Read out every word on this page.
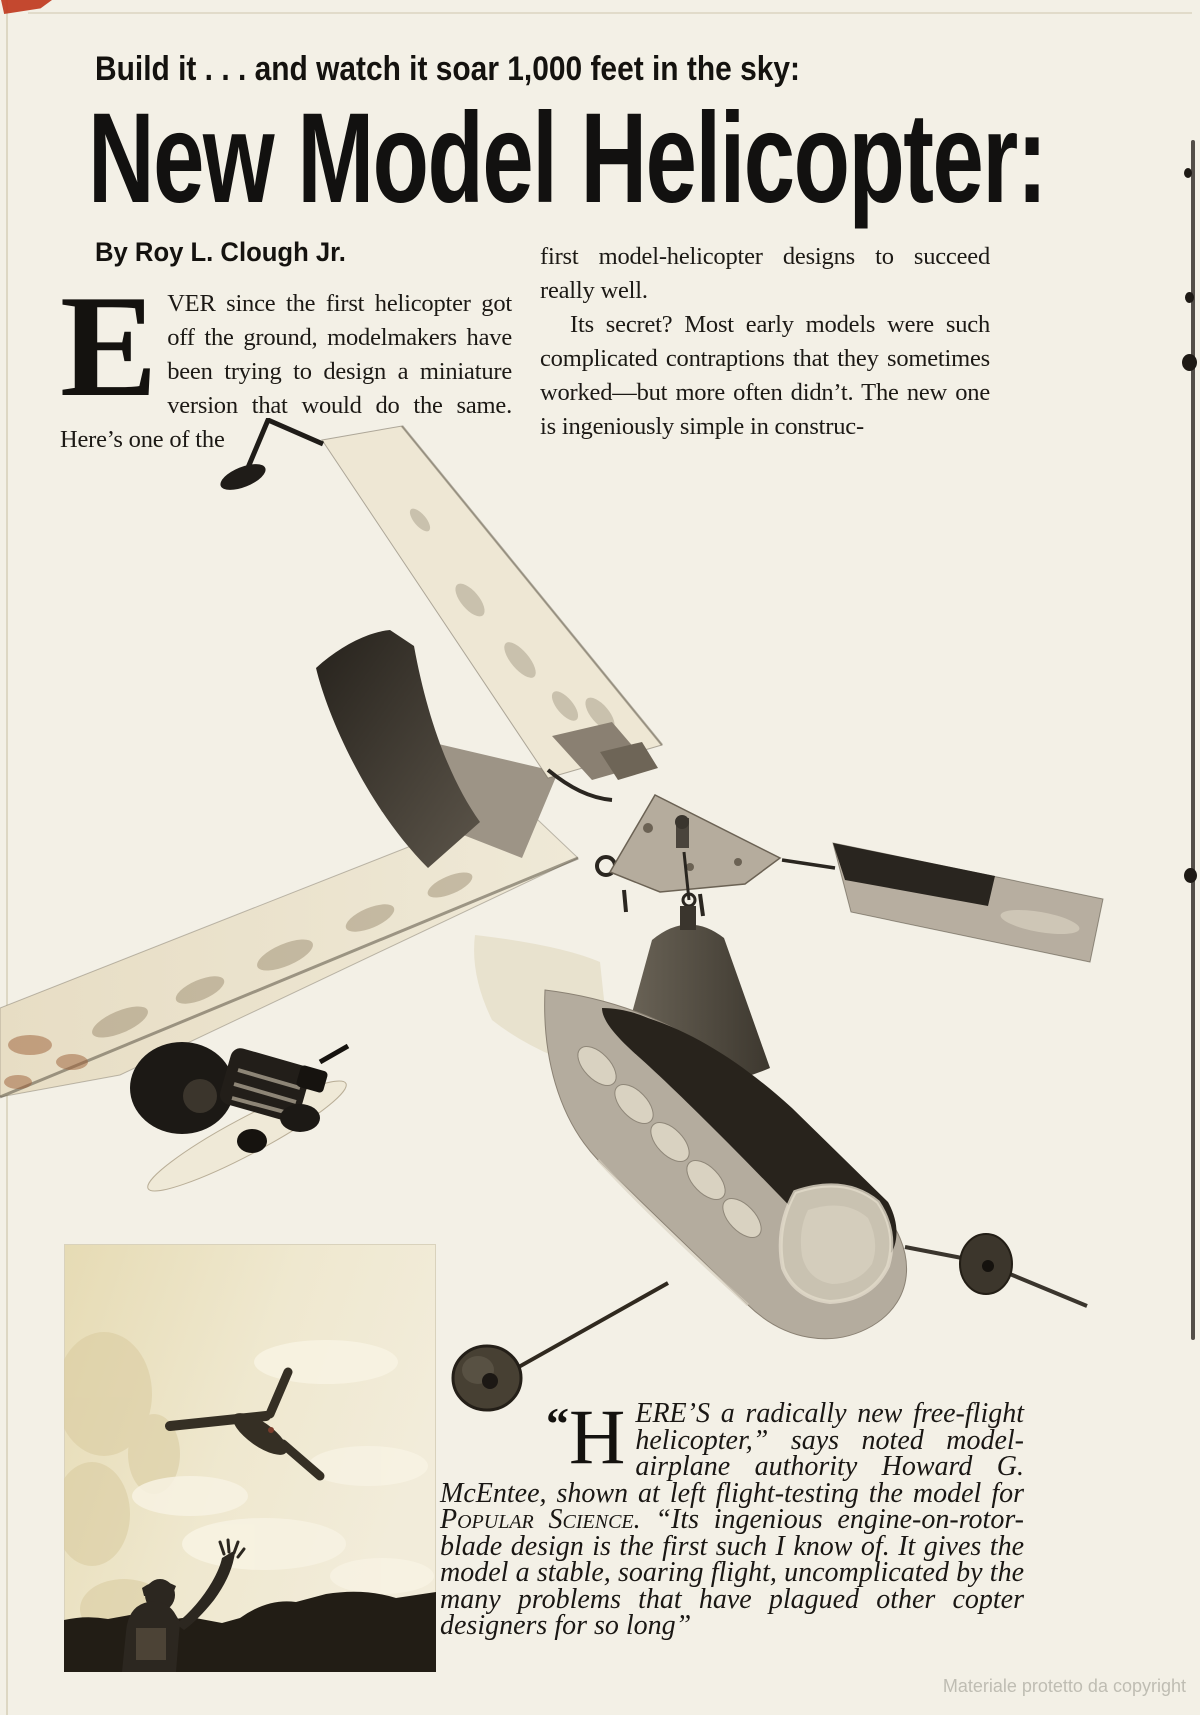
Build it . . . and watch it soar 1,000 feet in the sky:
New Model Helicopter:
By Roy L. Clough Jr.

EVER since the first helicopter got off the ground, modelmakers have been trying to design a miniature version that would do the same. Here’s one of the

first model-helicopter designs to succeed really well.

Its secret? Most early models were such complicated contraptions that they sometimes worked—but more often didn’t. The new one is ingeniously simple in construc-

“H ERE’S a radically new free-flight helicopter,” says noted model-airplane authority Howard G. McEntee, shown at left flight-testing the model for Popular Science. “Its ingenious engine-on-rotor-blade design is the first such I know of. It gives the model a stable, soaring flight, uncomplicated by the many problems that have plagued other copter designers for so long”
Materiale protetto da copyright
